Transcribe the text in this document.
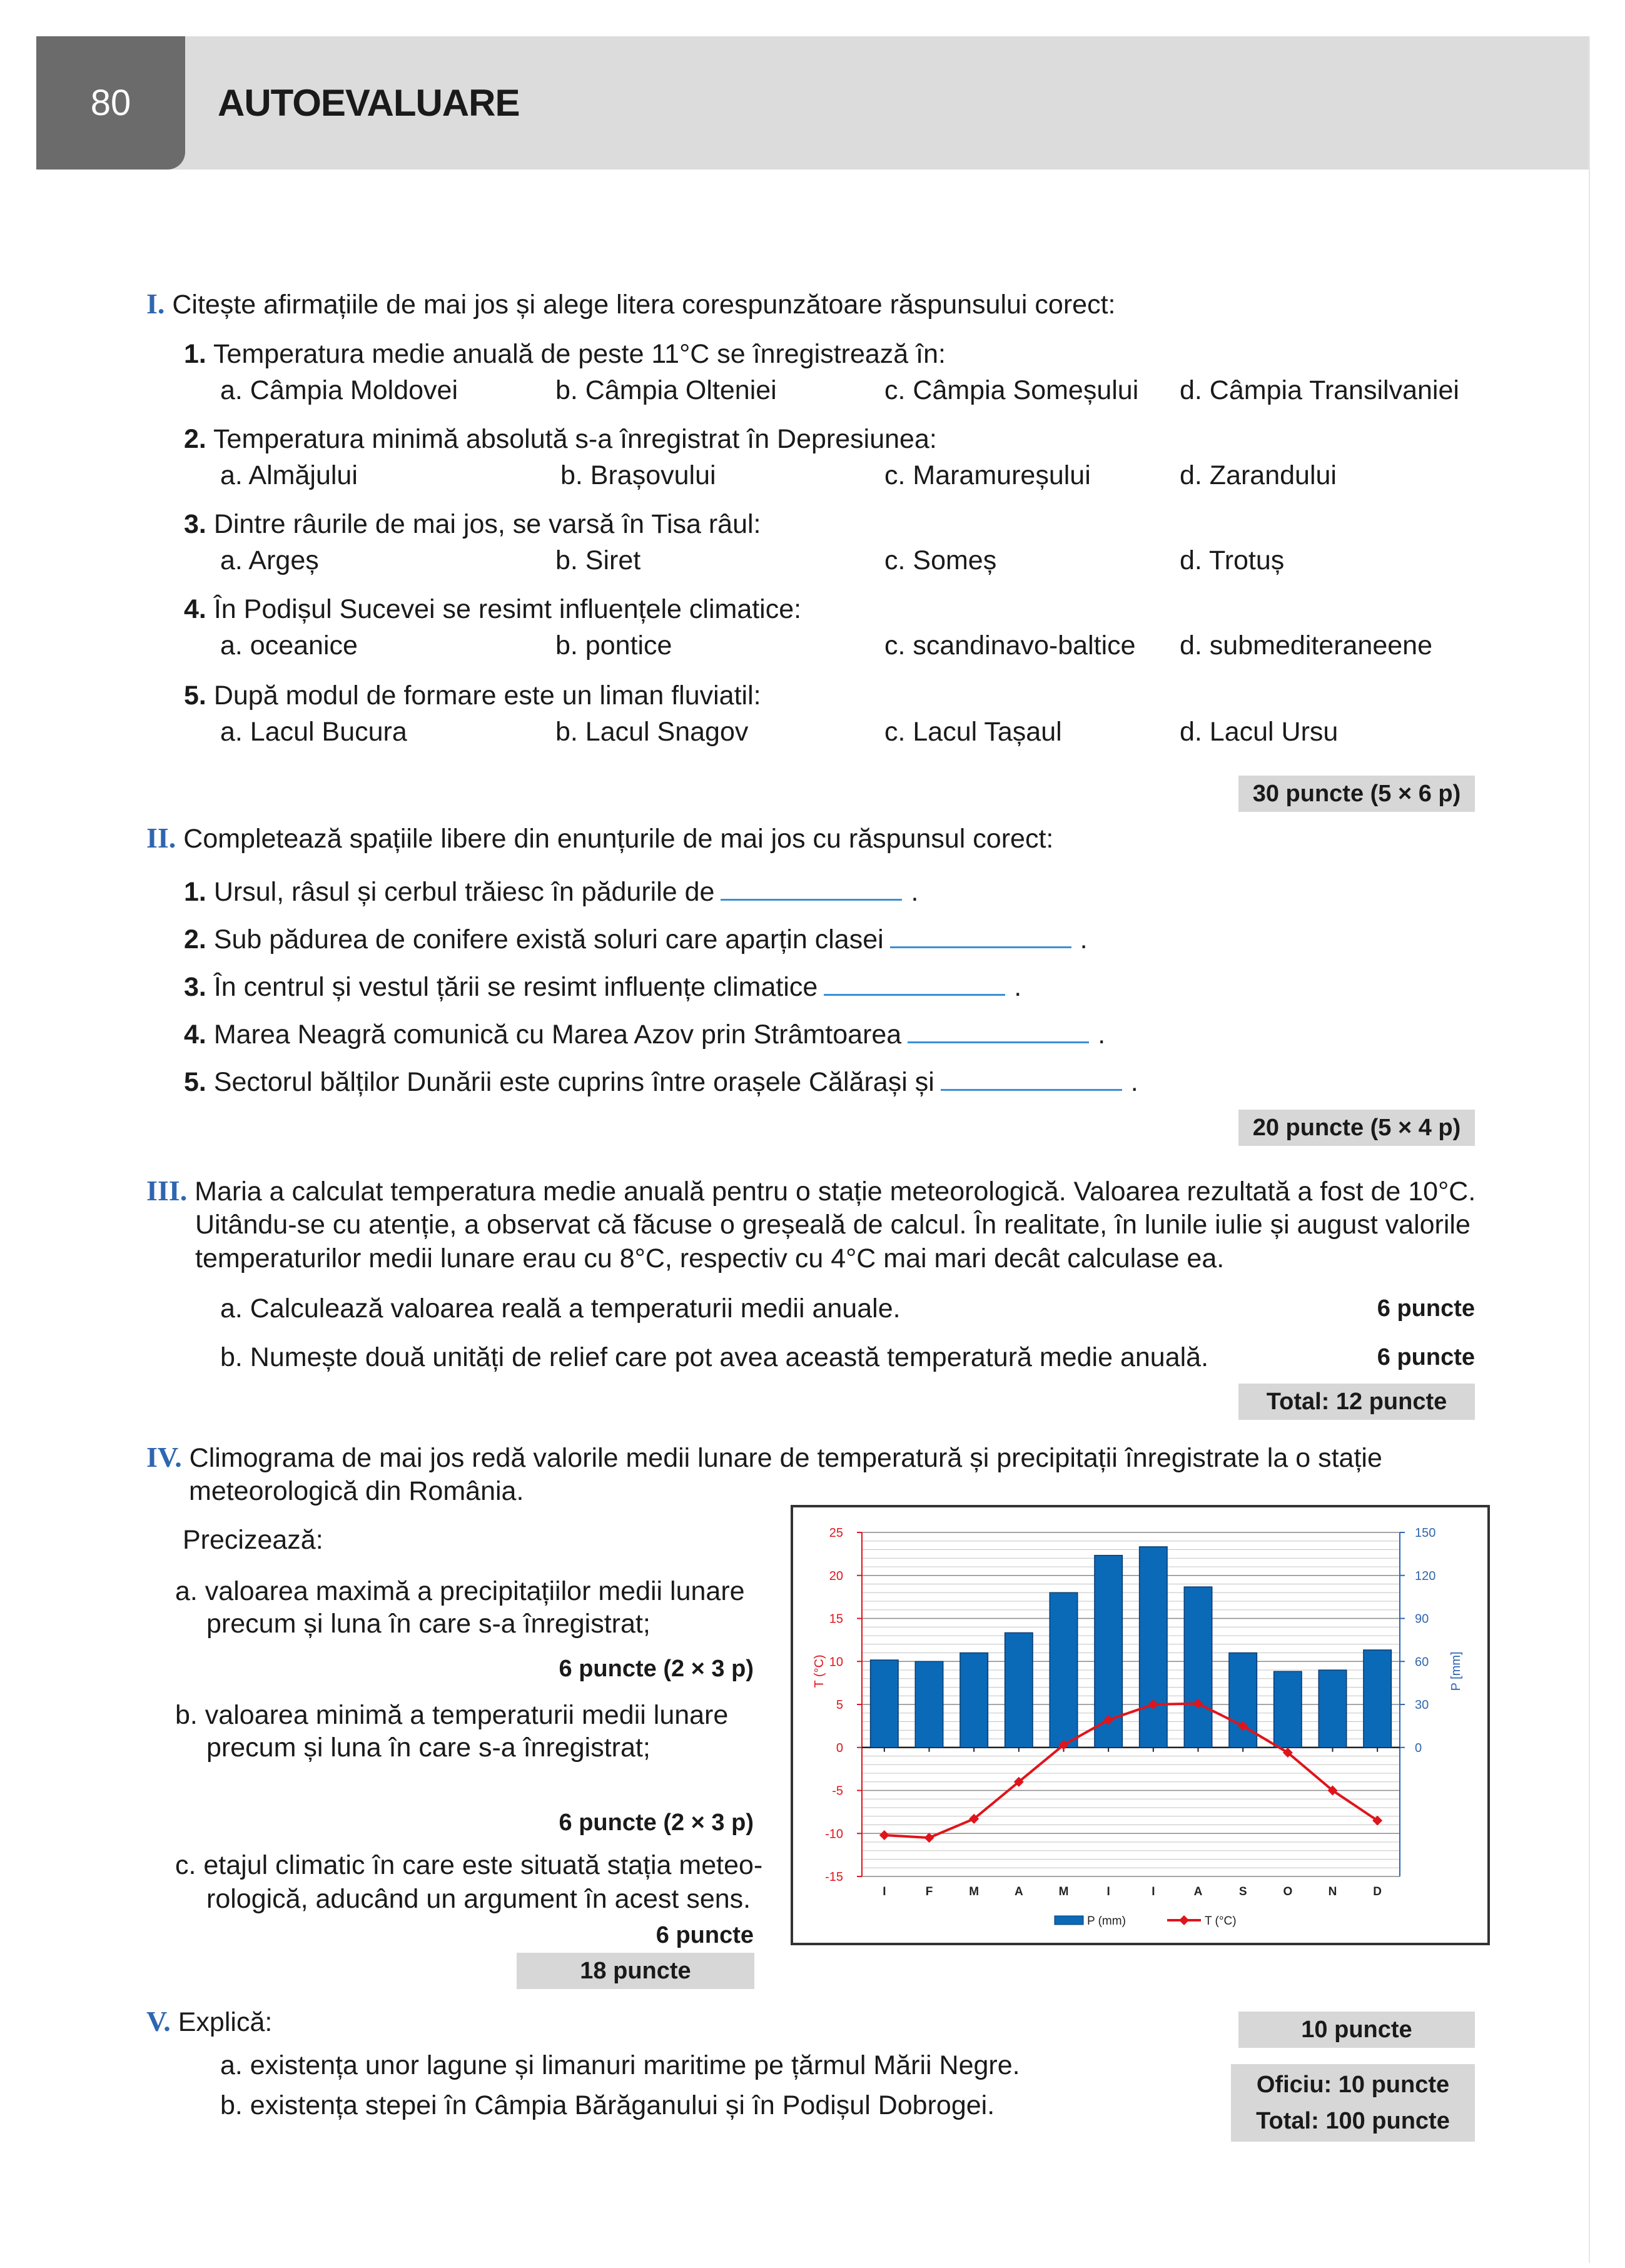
80	AUTOEVALUARE
I. Citește afirmațiile de mai jos și alege litera corespunzătoare răspunsului corect:
1. Temperatura medie anuală de peste 11°C se înregistrează în:
a. Câmpia Moldovei	b. Câmpia Olteniei	c. Câmpia Someșului d. Câmpia Transilvaniei
2. Temperatura minimă absolută s-a înregistrat în Depresiunea:
a. Almăjului	b. Brașovului	c. Maramureșului	d. Zarandului
3. Dintre râurile de mai jos, se varsă în Tisa râul:
a. Argeș	b. Siret	c. Someș	d. Trotuș
4. În Podișul Sucevei se resimt influențele climatice:
a. oceanice	b. pontice	c. scandinavo-baltice d. submediteraneene
5. După modul de formare este un liman fluviatil:
a. Lacul Bucura	b. Lacul Snagov	c. Lacul Tașaul	d. Lacul Ursu
30 puncte (5 × 6 p)
II. Completează spațiile libere din enunțurile de mai jos cu răspunsul corect:
1. Ursul, râsul și cerbul trăiesc în pădurile de	.
2. Sub pădurea de conifere există soluri care aparțin clasei	.
3. În centrul și vestul țării se resimt influențe climatice	.
4. Marea Neagră comunică cu Marea Azov prin Strâmtoarea	.
5. Sectorul bălților Dunării este cuprins între orașele Călărași și	.
20 puncte (5 × 4 p)
III. Maria a calculat temperatura medie anuală pentru o stație meteorologică. Valoarea rezultată a fost de 10°C.
Uitându-se cu atenție, a observat că făcuse o greșeală de calcul. În realitate, în lunile iulie și august valorile
temperaturilor medii lunare erau cu 8°C, respectiv cu 4°C mai mari decât calculase ea.
a. Calculează valoarea reală a temperaturii medii anuale.	6 puncte
b. Numește două unități de relief care pot avea această temperatură medie anuală.	6 puncte
Total: 12 puncte
IV. Climograma de mai jos redă valorile medii lunare de temperatură și precipitații înregistrate la o stație
meteorologică din România.
Precizează:
a. valoarea maximă a precipitațiilor medii lunare
precum și luna în care s-a înregistrat;
6 puncte (2 × 3 p)
b. valoarea minimă a temperaturii medii lunare
precum și luna în care s-a înregistrat;
6 puncte (2 × 3 p)
c. etajul climatic în care este situată stația meteo-
rologică, aducând un argument în acest sens.
6 puncte
18 puncte
25
20
15
10
5
0
-5
-10
-15
150
120
90
60
30
0
T (°C)	P [mm]
I	F	M	A	M	I	I	A	S	O	N	D
P (mm)	T (°C)
V. Explică:
a. existența unor lagune și limanuri maritime pe țărmul Mării Negre.
b. existența stepei în Câmpia Bărăganului și în Podișul Dobrogei.
10 puncte
Oficiu: 10 puncte
Total: 100 puncte
